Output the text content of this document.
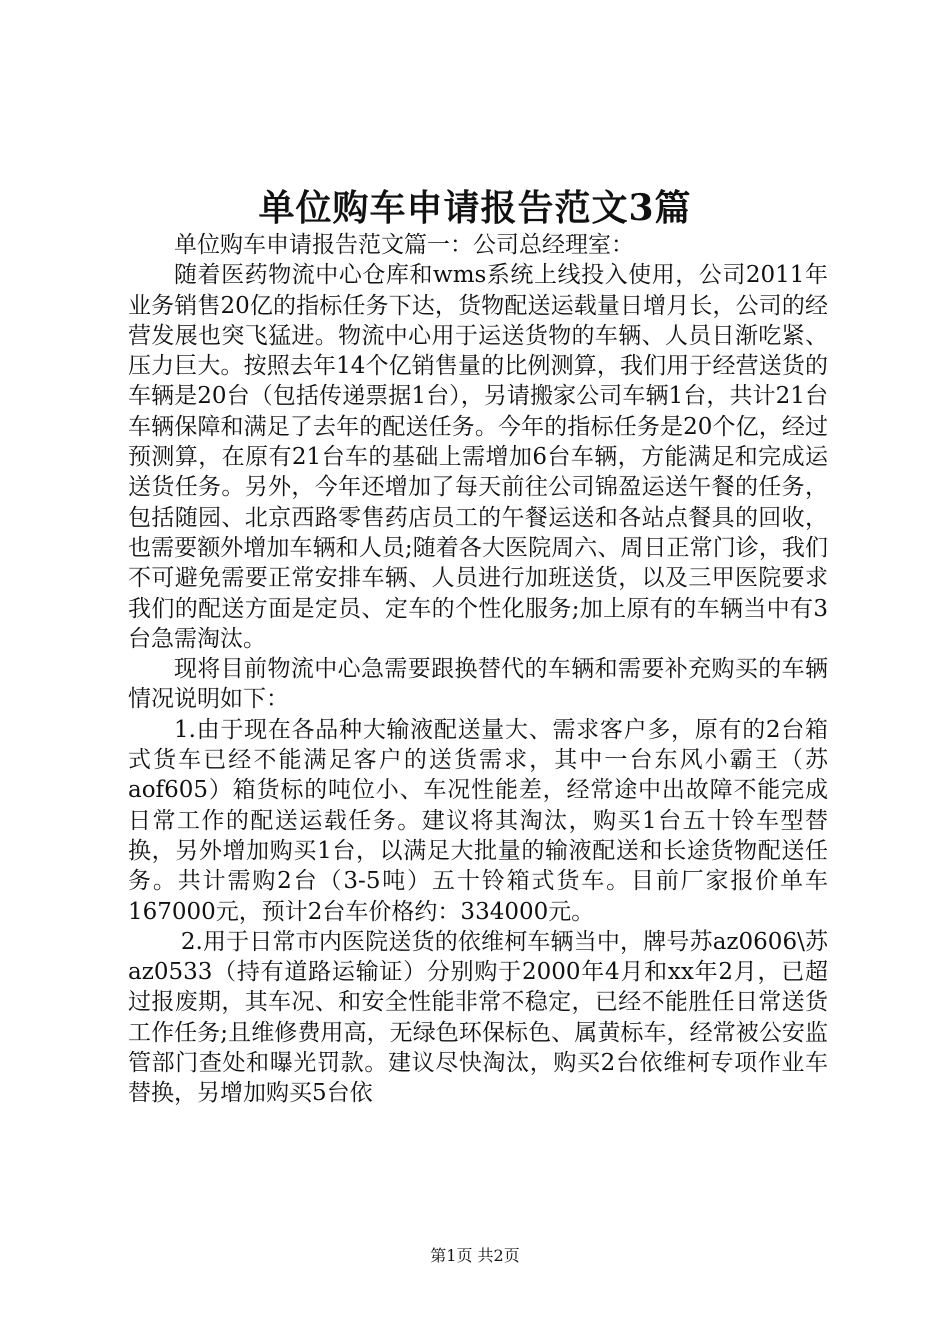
单位购车申请报告范文3篇

单位购车申请报告范文篇一：公司总经理室：

随着医药物流中心仓库和wms系统上线投入使用，公司2011年业务销售20亿的指标任务下达，货物配送运载量日增月长，公司的经营发展也突飞猛进。物流中心用于运送货物的车辆、人员日渐吃紧、压力巨大。按照去年14个亿销售量的比例测算，我们用于经营送货的车辆是20台（包括传递票据1台），另请搬家公司车辆1台，共计21台车辆保障和满足了去年的配送任务。今年的指标任务是20个亿，经过预测算，在原有21台车的基础上需增加6台车辆，方能满足和完成运送货任务。另外，今年还增加了每天前往公司锦盈运送午餐的任务，包括随园、北京西路零售药店员工的午餐运送和各站点餐具的回收，也需要额外增加车辆和人员;随着各大医院周六、周日正常门诊，我们不可避免需要正常安排车辆、人员进行加班送货，以及三甲医院要求我们的配送方面是定员、定车的个性化服务;加上原有的车辆当中有3台急需淘汰。

现将目前物流中心急需要跟换替代的车辆和需要补充购买的车辆情况说明如下：

1.由于现在各品种大输液配送量大、需求客户多，原有的2台箱式货车已经不能满足客户的送货需求，其中一台东风小霸王（苏aof605）箱货标的吨位小、车况性能差，经常途中出故障不能完成日常工作的配送运载任务。建议将其淘汰，购买1台五十铃车型替换，另外增加购买1台，以满足大批量的输液配送和长途货物配送任务。共计需购2台（3-5吨）五十铃箱式货车。目前厂家报价单车167000元，预计2台车价格约：334000元。

2.用于日常市内医院送货的依维柯车辆当中，牌号苏az0606\苏az0533（持有道路运输证）分别购于2000年4月和xx年2月，已超过报废期，其车况、和安全性能非常不稳定，已经不能胜任日常送货工作任务;且维修费用高，无绿色环保标色、属黄标车，经常被公安监管部门查处和曝光罚款。建议尽快淘汰，购买2台依维柯专项作业车替换，另增加购买5台依

第1页 共2页
